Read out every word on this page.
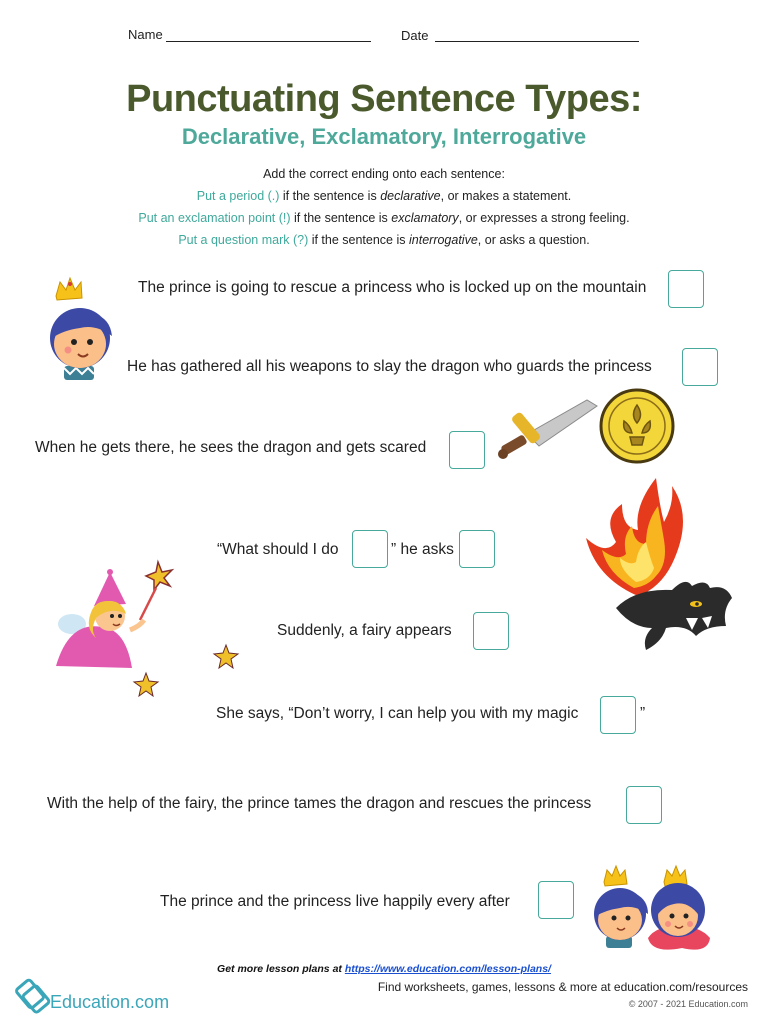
Name	Date
Punctuating Sentence Types:
Declarative, Exclamatory, Interrogative
Add the correct ending onto each sentence:
Put a period (.) if the sentence is declarative, or makes a statement.
Put an exclamation point (!) if the sentence is exclamatory, or expresses a strong feeling.
Put a question mark (?) if the sentence is interrogative, or asks a question.
The prince is going to rescue a princess who is locked up on the mountain
He has gathered all his weapons to slay the dragon who guards the princess
When he gets there, he sees the dragon and gets scared
“What should I do	” he asks
Suddenly, a fairy appears
She says, “Don’t worry, I can help you with my magic	”
With the help of the fairy, the prince tames the dragon and rescues the princess
The prince and the princess live happily every after
Get more lesson plans at https://www.education.com/lesson-plans/
Education.com
Find worksheets, games, lessons & more at education.com/resources
© 2007 - 2021 Education.com
